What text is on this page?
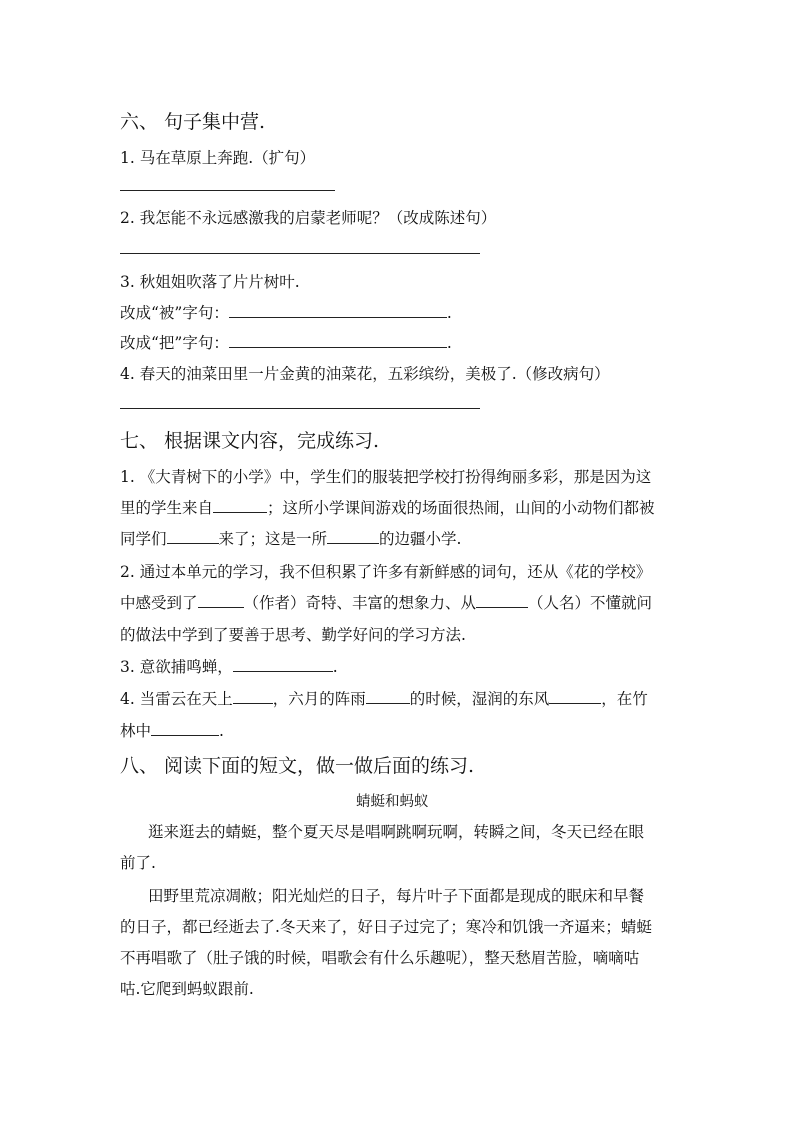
六、 句子集中营.
1. 马在草原上奔跑.（扩句）
2. 我怎能不永远感激我的启蒙老师呢？（改成陈述句）
3. 秋姐姐吹落了片片树叶.
改成“被”字句：	.
改成“把”字句：	.
4. 春天的油菜田里一片金黄的油菜花，五彩缤纷，美极了.（修改病句）
七、 根据课文内容，完成练习.
1. 《大青树下的小学》中，学生们的服装把学校打扮得绚丽多彩，那是因为这
里的学生来自	；这所小学课间游戏的场面很热闹，山间的小动物们都被
同学们	来了；这是一所	的边疆小学.
2. 通过本单元的学习，我不但积累了许多有新鲜感的词句，还从《花的学校》
中感受到了	（作者）奇特、丰富的想象力、从	（人名）不懂就问
的做法中学到了要善于思考、勤学好问的学习方法.
3. 意欲捕鸣蝉，	.
4. 当雷云在天上	，六月的阵雨	的时候，湿润的东风	，在竹
林中	.
八、 阅读下面的短文，做一做后面的练习.
蜻蜓和蚂蚁
逛来逛去的蜻蜓，整个夏天尽是唱啊跳啊玩啊，转瞬之间，冬天已经在眼
前了.
田野里荒凉凋敝；阳光灿烂的日子，每片叶子下面都是现成的眠床和早餐
的日子，都已经逝去了.冬天来了，好日子过完了；寒冷和饥饿一齐逼来；蜻蜓
不再唱歌了（肚子饿的时候，唱歌会有什么乐趣呢），整天愁眉苦脸，嘀嘀咕
咕.它爬到蚂蚁跟前.
